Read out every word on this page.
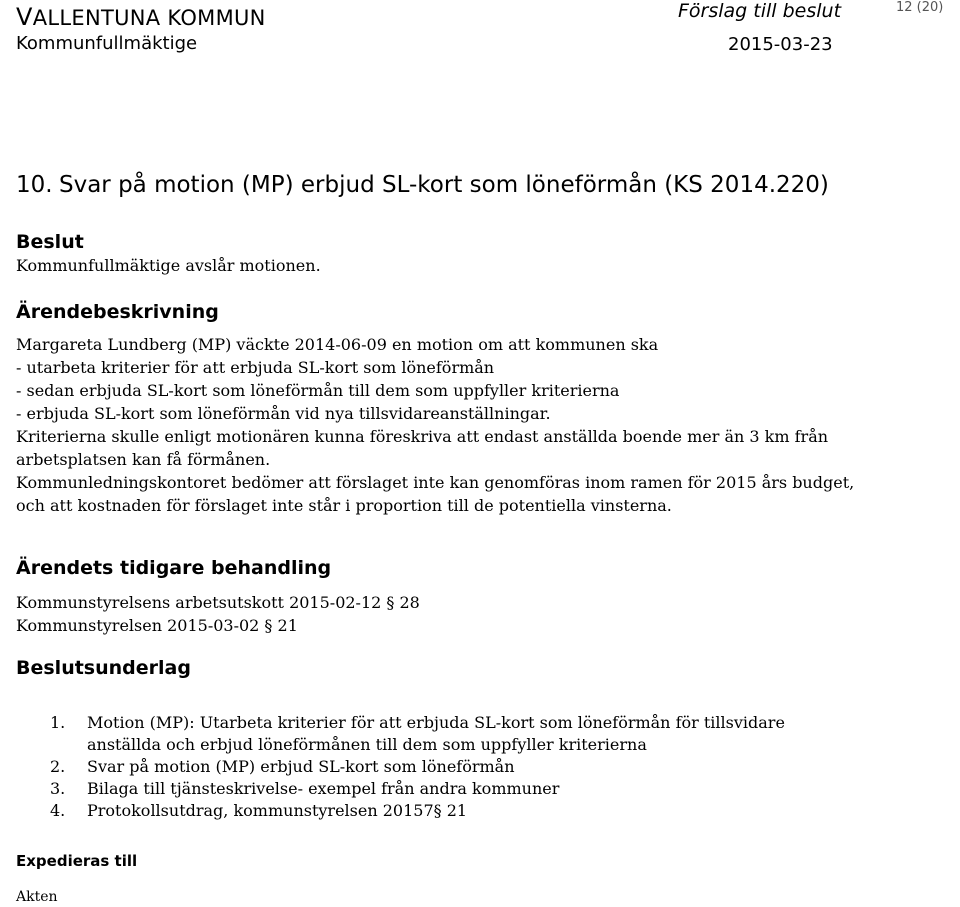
VALLENTUNA KOMMUN
Kommunfullmäktige
Förslag till beslut
2015-03-23
12 (20)
10. Svar på motion (MP) erbjud SL-kort som löneförmån (KS 2014.220)
Beslut
Kommunfullmäktige avslår motionen.
Ärendebeskrivning
Margareta Lundberg (MP) väckte 2014-06-09 en motion om att kommunen ska
- utarbeta kriterier för att erbjuda SL-kort som löneförmån
- sedan erbjuda SL-kort som löneförmån till dem som uppfyller kriterierna
- erbjuda SL-kort som löneförmån vid nya tillsvidareanställningar.
Kriterierna skulle enligt motionären kunna föreskriva att endast anställda boende mer än 3 km från
arbetsplatsen kan få förmånen.
Kommunledningskontoret bedömer att förslaget inte kan genomföras inom ramen för 2015 års budget,
och att kostnaden för förslaget inte står i proportion till de potentiella vinsterna.
Ärendets tidigare behandling
Kommunstyrelsens arbetsutskott 2015-02-12 § 28
Kommunstyrelsen 2015-03-02 § 21
Beslutsunderlag
1.	Motion (MP): Utarbeta kriterier för att erbjuda SL-kort som löneförmån för tillsvidare
anställda och erbjud löneförmånen till dem som uppfyller kriterierna
2.	Svar på motion (MP) erbjud SL-kort som löneförmån
3.	Bilaga till tjänsteskrivelse- exempel från andra kommuner
4.	Protokollsutdrag, kommunstyrelsen 20157§ 21
Expedieras till
Akten
